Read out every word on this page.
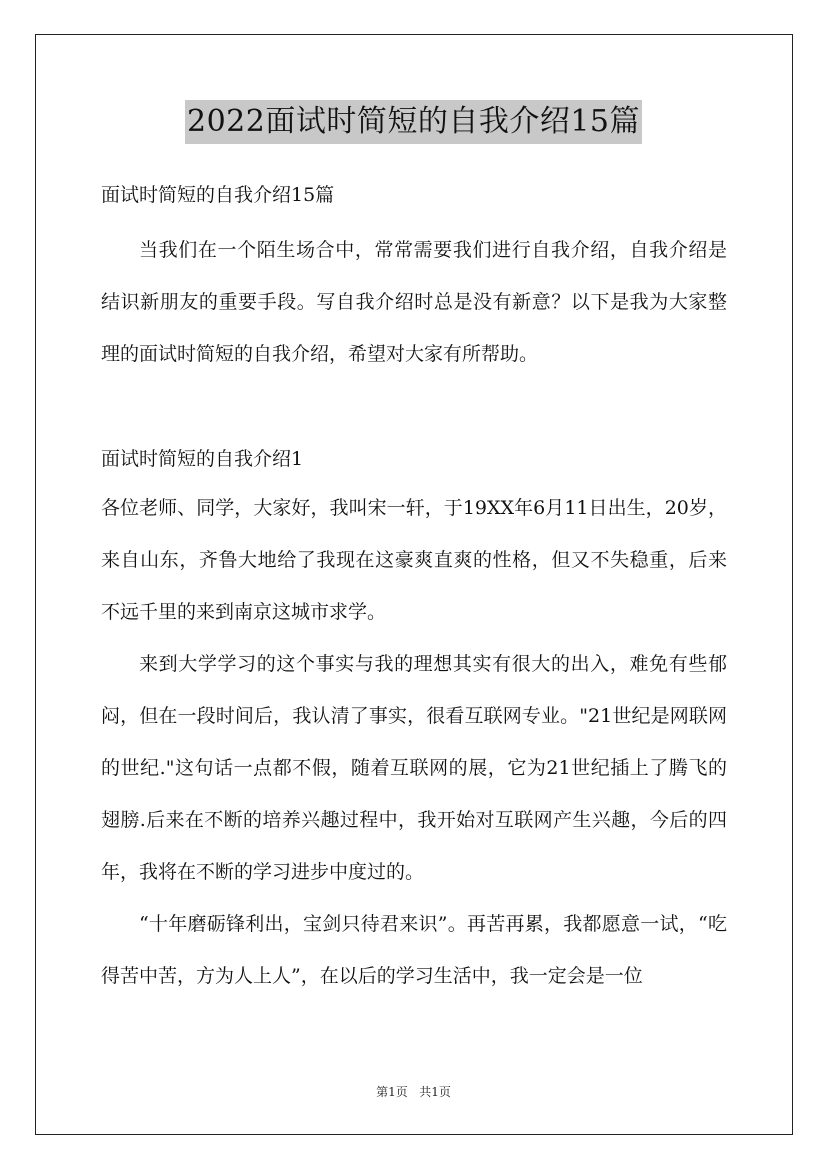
2022面试时简短的自我介绍15篇

面试时简短的自我介绍15篇

当我们在一个陌生场合中，常常需要我们进行自我介绍，自我介绍是结识新朋友的重要手段。写自我介绍时总是没有新意？以下是我为大家整理的面试时简短的自我介绍，希望对大家有所帮助。

面试时简短的自我介绍1

各位老师、同学，大家好，我叫宋一轩，于19XX年6月11日出生，20岁，来自山东，齐鲁大地给了我现在这豪爽直爽的性格，但又不失稳重，后来不远千里的来到南京这城市求学。

来到大学学习的这个事实与我的理想其实有很大的出入，难免有些郁闷，但在一段时间后，我认清了事实，很看互联网专业。"21世纪是网联网的世纪."这句话一点都不假，随着互联网的展，它为21世纪插上了腾飞的翅膀.后来在不断的培养兴趣过程中，我开始对互联网产生兴趣，今后的四年，我将在不断的学习进步中度过的。

“十年磨砺锋利出，宝剑只待君来识”。再苦再累，我都愿意一试，“吃得苦中苦，方为人上人”，在以后的学习生活中，我一定会是一位

第1页 共1页
